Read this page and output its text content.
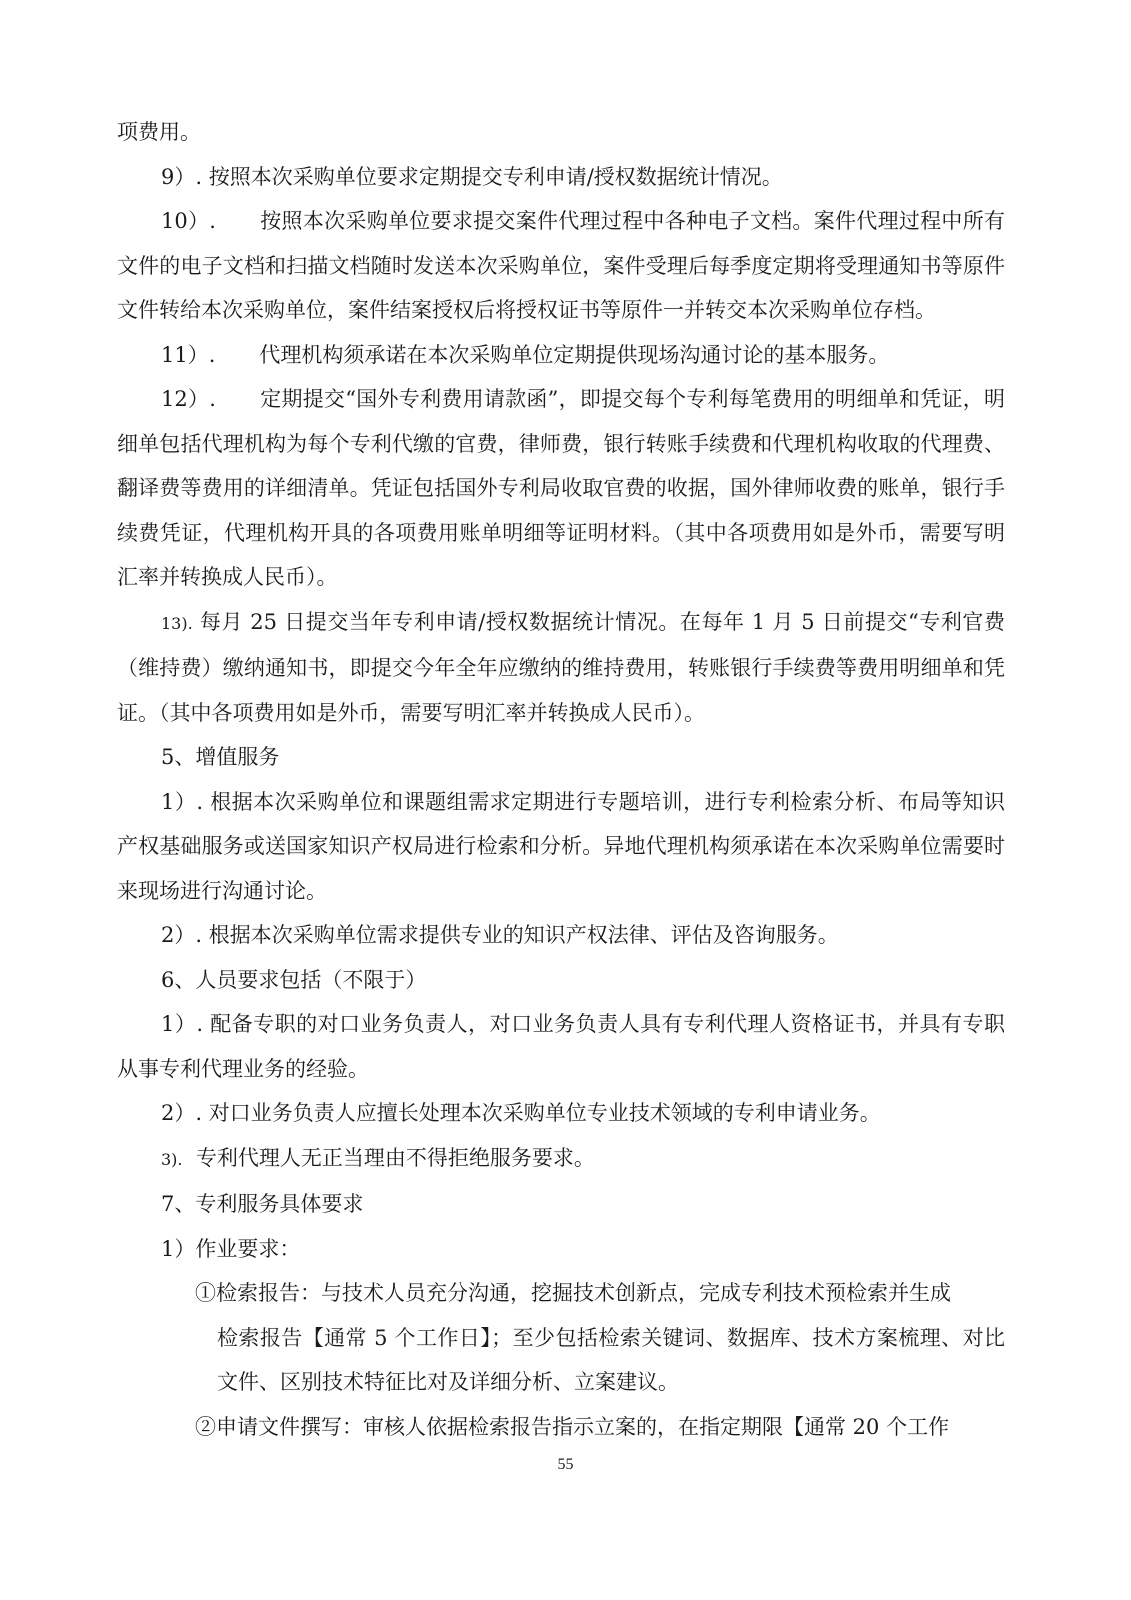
项费用。

9）. 按照本次采购单位要求定期提交专利申请/授权数据统计情况。

10）. 按照本次采购单位要求提交案件代理过程中各种电子文档。案件代理过程中所有文件的电子文档和扫描文档随时发送本次采购单位，案件受理后每季度定期将受理通知书等原件文件转给本次采购单位，案件结案授权后将授权证书等原件一并转交本次采购单位存档。

11）. 代理机构须承诺在本次采购单位定期提供现场沟通讨论的基本服务。

12）. 定期提交“国外专利费用请款函”，即提交每个专利每笔费用的明细单和凭证，明细单包括代理机构为每个专利代缴的官费，律师费，银行转账手续费和代理机构收取的代理费、翻译费等费用的详细清单。凭证包括国外专利局收取官费的收据，国外律师收费的账单，银行手续费凭证，代理机构开具的各项费用账单明细等证明材料。（其中各项费用如是外币，需要写明汇率并转换成人民币）。

13). 每月 25 日提交当年专利申请/授权数据统计情况。在每年 1 月 5 日前提交“专利官费（维持费）缴纳通知书，即提交今年全年应缴纳的维持费用，转账银行手续费等费用明细单和凭证。（其中各项费用如是外币，需要写明汇率并转换成人民币）。

5、增值服务

1）. 根据本次采购单位和课题组需求定期进行专题培训，进行专利检索分析、布局等知识产权基础服务或送国家知识产权局进行检索和分析。异地代理机构须承诺在本次采购单位需要时来现场进行沟通讨论。

2）. 根据本次采购单位需求提供专业的知识产权法律、评估及咨询服务。

6、人员要求包括（不限于）

1）. 配备专职的对口业务负责人，对口业务负责人具有专利代理人资格证书，并具有专职从事专利代理业务的经验。

2）. 对口业务负责人应擅长处理本次采购单位专业技术领域的专利申请业务。

3). 专利代理人无正当理由不得拒绝服务要求。

7、专利服务具体要求

1）作业要求：

①检索报告：与技术人员充分沟通，挖掘技术创新点，完成专利技术预检索并生成
检索报告【通常 5 个工作日】；至少包括检索关键词、数据库、技术方案梳理、对比文件、区别技术特征比对及详细分析、立案建议。

②申请文件撰写：审核人依据检索报告指示立案的，在指定期限【通常 20 个工作

55
